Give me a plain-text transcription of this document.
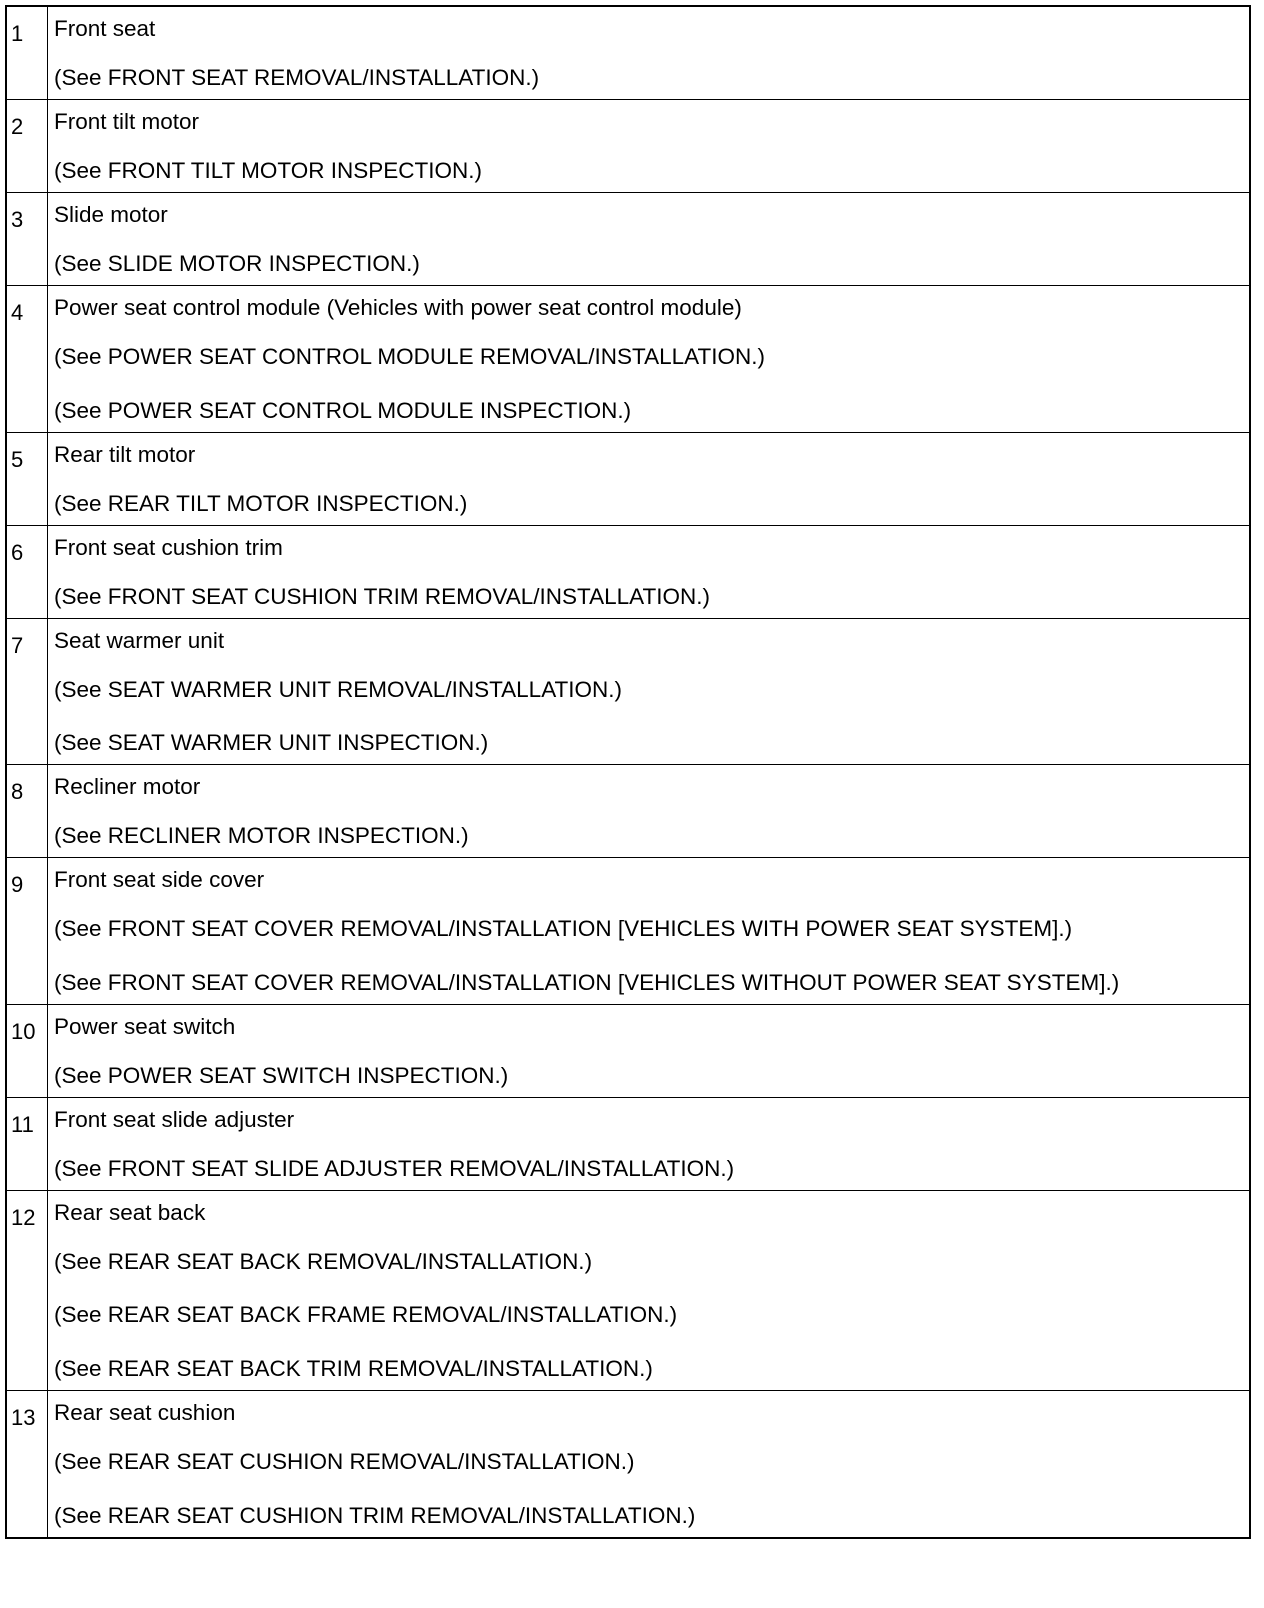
1	Front seat
(See FRONT SEAT REMOVAL/INSTALLATION.)

2	Front tilt motor
(See FRONT TILT MOTOR INSPECTION.)

3	Slide motor
(See SLIDE MOTOR INSPECTION.)

4	Power seat control module (Vehicles with power seat control module)
(See POWER SEAT CONTROL MODULE REMOVAL/INSTALLATION.)
(See POWER SEAT CONTROL MODULE INSPECTION.)

5	Rear tilt motor
(See REAR TILT MOTOR INSPECTION.)

6	Front seat cushion trim
(See FRONT SEAT CUSHION TRIM REMOVAL/INSTALLATION.)

7	Seat warmer unit
(See SEAT WARMER UNIT REMOVAL/INSTALLATION.)
(See SEAT WARMER UNIT INSPECTION.)

8	Recliner motor
(See RECLINER MOTOR INSPECTION.)

9	Front seat side cover
(See FRONT SEAT COVER REMOVAL/INSTALLATION [VEHICLES WITH POWER SEAT SYSTEM].)
(See FRONT SEAT COVER REMOVAL/INSTALLATION [VEHICLES WITHOUT POWER SEAT SYSTEM].)

10	Power seat switch
(See POWER SEAT SWITCH INSPECTION.)

11	Front seat slide adjuster
(See FRONT SEAT SLIDE ADJUSTER REMOVAL/INSTALLATION.)

12	Rear seat back
(See REAR SEAT BACK REMOVAL/INSTALLATION.)
(See REAR SEAT BACK FRAME REMOVAL/INSTALLATION.)
(See REAR SEAT BACK TRIM REMOVAL/INSTALLATION.)

13	Rear seat cushion
(See REAR SEAT CUSHION REMOVAL/INSTALLATION.)
(See REAR SEAT CUSHION TRIM REMOVAL/INSTALLATION.)
